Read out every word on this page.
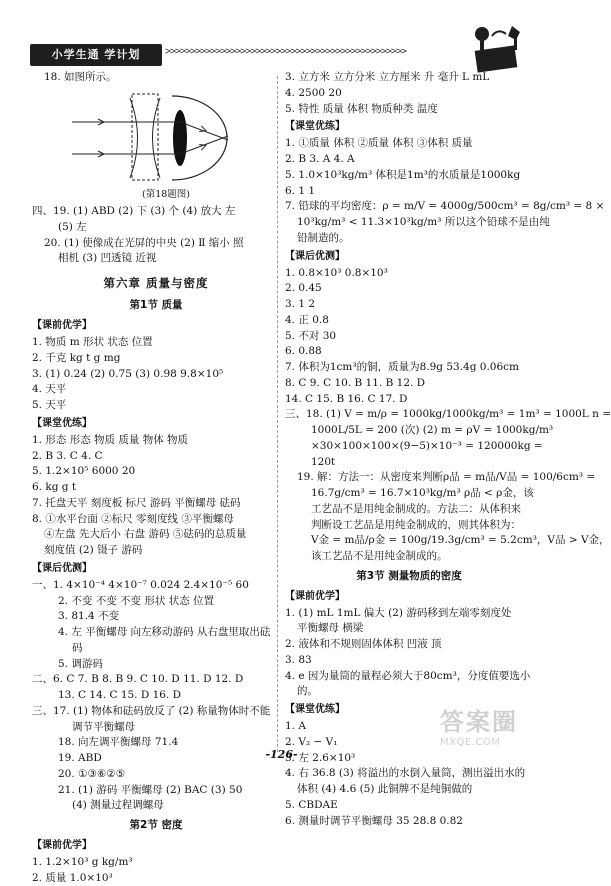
小学生通 学计划	>>>>>>>>>>>>>>>>>>>>>>>>>>>>>>>>>>>>>>>>>>>>>>>>
18. 如图所示。
(第18题图)
四、19. (1) ABD (2) 下 (3) 个 (4) 放大 左
(5) 左
20. (1) 使像成在光屏的中央 (2) Ⅱ 缩小 照
相机 (3) 凹透镜 近视
第六章 质量与密度
第1节 质量
【课前优学】
1. 物质 m 形状 状态 位置
2. 千克 kg t g mg
3. (1) 0.24 (2) 0.75 (3) 0.98 9.8×10⁵
4. 天平
5. 天平
【课堂优练】
1. 形态 形态 物质 质量 物体 物质
2. B 3. C 4. C
5. 1.2×10⁵ 6000 20
6. kg g t
7. 托盘天平 刻度板 标尺 游码 平衡螺母 砝码
8. ①水平台面 ②标尺 零刻度线 ③平衡螺母
④左盘 先大后小 右盘 游码 ⑤砝码的总质量
刻度值 (2) 镊子 游码
【课后优测】
一、1. 4×10⁻⁴ 4×10⁻⁷ 0.024 2.4×10⁻⁵ 60
2. 不变 不变 不变 形状 状态 位置
3. 81.4 不变
4. 左 平衡螺母 向左移动游码 从右盘里取出砝
码
5. 调游码
二、6. C 7. B 8. B 9. C 10. D 11. D 12. D
13. C 14. C 15. D 16. D
三、17. (1) 物体和砝码放反了 (2) 称量物体时不能
调节平衡螺母
18. 向左调平衡螺母 71.4
19. ABD
20. ①③⑥②⑤
21. (1) 游码 平衡螺母 (2) BAC (3) 50
(4) 测量过程调螺母
第2节 密度
【课前优学】
1. 1.2×10³ g kg/m³
2. 质量 1.0×10³
3. 立方米 立方分米 立方厘米 升 毫升 L mL
4. 2500 20
5. 特性 质量 体积 物质种类 温度
【课堂优练】
1. ①质量 体积 ②质量 体积 ③体积 质量
2. B 3. A 4. A
5. 1.0×10³kg/m³ 体积是1m³的水质量是1000kg
6. 1 1
7. 铅球的平均密度：ρ = m/V = 4000g/500cm³ = 8g/cm³ = 8 ×
10³kg/m³ < 11.3×10³kg/m³ 所以这个铅球不是由纯
铅制造的。
【课后优测】
1. 0.8×10³ 0.8×10³
2. 0.45
3. 1 2
4. 正 0.8
5. 不对 30
6. 0.88
7. 体积为1cm³的铜，质量为8.9g 53.4g 0.06cm
8. C 9. C 10. B 11. B 12. D
14. C 15. B 16. C 17. D
三、18. (1) V = m/ρ = 1000kg/1000kg/m³ = 1m³ = 1000L n =
1000L/5L = 200 (次) (2) m = ρV = 1000kg/m³
×30×100×100×(9−5)×10⁻³ = 120000kg =
120t
19. 解：方法一：从密度来判断ρ品 = m品/V品 = 100/6cm³ =
16.7g/cm³ = 16.7×10³kg/m³ ρ品 < ρ金，该
工艺品不是用纯金制成的。方法二：从体积来
判断设工艺品是用纯金制成的，则其体积为：
V金 = m品/ρ金 = 100g/19.3g/cm³ = 5.2cm³，V品 > V金，
该工艺品不是用纯金制成的。
第3节 测量物质的密度
【课前优学】
1. (1) mL 1mL 偏大 (2) 游码移到左端零刻度处
平衡螺母 横梁
2. 液体和不规则固体体积 凹液 顶
3. 83
4. e 因为量筒的量程必须大于80cm³，分度值要选小
的。
【课堂优练】
1. A
2. V₂ − V₁
3. 左 2.6×10³
4. 右 36.8 (3) 将溢出的水倒入量筒，测出溢出水的
体积 (4) 4.6 (5) 此铜牌不是纯铜做的
5. CBDAE
6. 测量时调节平衡螺母 35 28.8 0.82
-126-
答案圈
MXQE.COM
